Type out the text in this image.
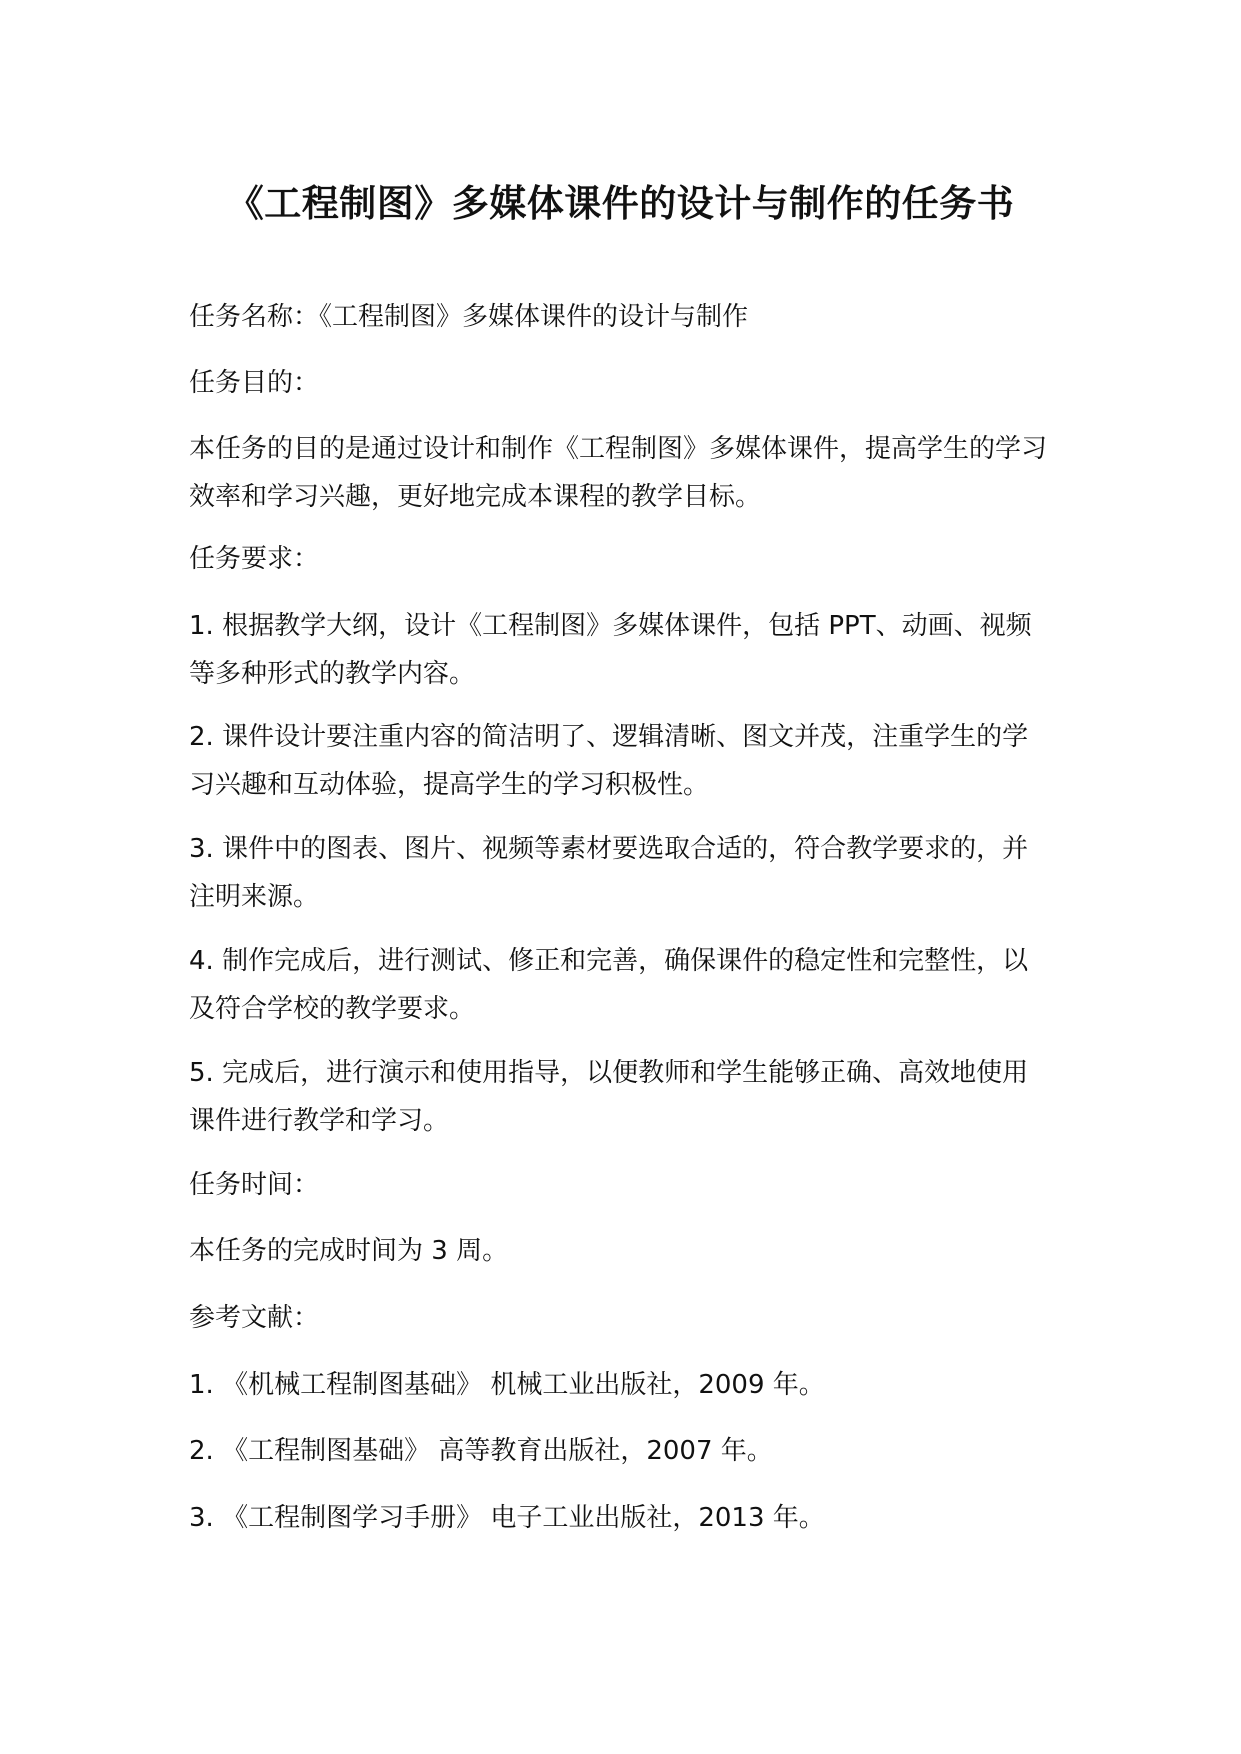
《工程制图》多媒体课件的设计与制作的任务书

任务名称：《工程制图》多媒体课件的设计与制作

任务目的：

本任务的目的是通过设计和制作《工程制图》多媒体课件，提高学生的学习效率和学习兴趣，更好地完成本课程的教学目标。

任务要求：

1. 根据教学大纲，设计《工程制图》多媒体课件，包括 PPT、动画、视频等多种形式的教学内容。

2. 课件设计要注重内容的简洁明了、逻辑清晰、图文并茂，注重学生的学习兴趣和互动体验，提高学生的学习积极性。

3. 课件中的图表、图片、视频等素材要选取合适的，符合教学要求的，并注明来源。

4. 制作完成后，进行测试、修正和完善，确保课件的稳定性和完整性，以及符合学校的教学要求。

5. 完成后，进行演示和使用指导，以便教师和学生能够正确、高效地使用课件进行教学和学习。

任务时间：

本任务的完成时间为 3 周。

参考文献：

1. 《机械工程制图基础》 机械工业出版社，2009 年。

2. 《工程制图基础》 高等教育出版社，2007 年。

3. 《工程制图学习手册》 电子工业出版社，2013 年。
